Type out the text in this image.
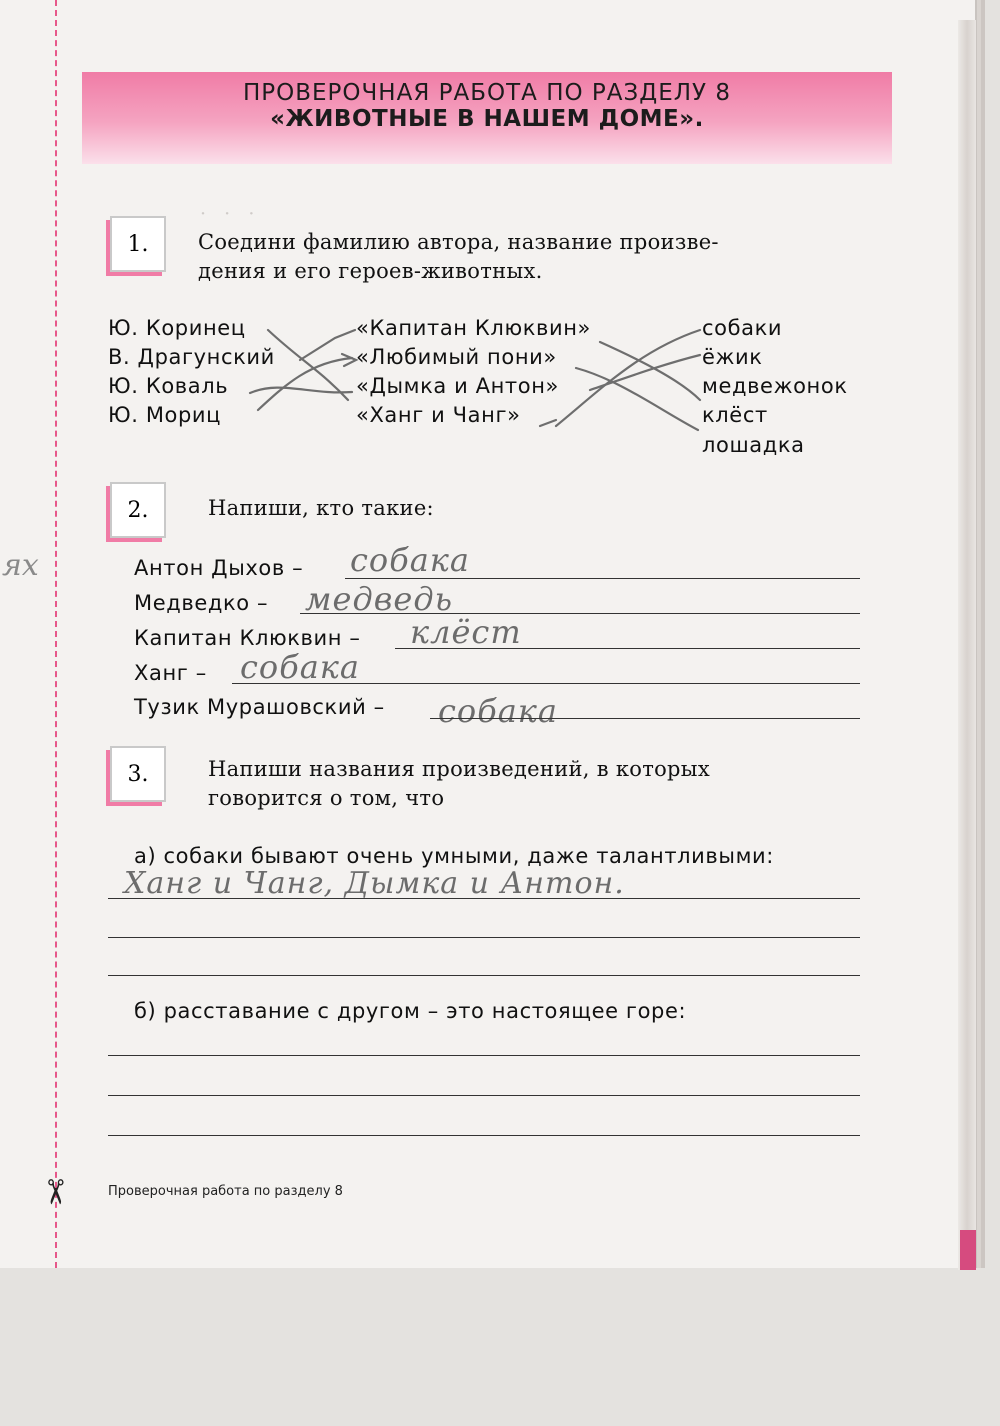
✂
ях
·   ·   ·
ПРОВЕРОЧНАЯ РАБОТА ПО РАЗДЕЛУ 8
«ЖИВОТНЫЕ В НАШЕМ ДОМЕ».
1.	Соедини фамилию автора, название произве-
дения и его героев-животных.
Ю. Коринец
В. Драгунский
Ю. Коваль
Ю. Мориц
«Капитан Клюквин»
«Любимый пони»
«Дымка и Антон»
«Ханг и Чанг»
собаки
ёжик
медвежонок
клёст
лошадка
2.	Напиши, кто такие:
Антон Дыхов – собака
Медведко – медведь
Капитан Клюквин – клёст
Ханг – собака
Тузик Мурашовский – собака
3.	Напиши названия произведений, в которых
говорится о том, что
а) собаки бывают очень умными, даже талантливыми:
Ханг и Чанг, Дымка и Антон.
б) расставание с другом – это настоящее горе:
Проверочная работа по разделу 8
